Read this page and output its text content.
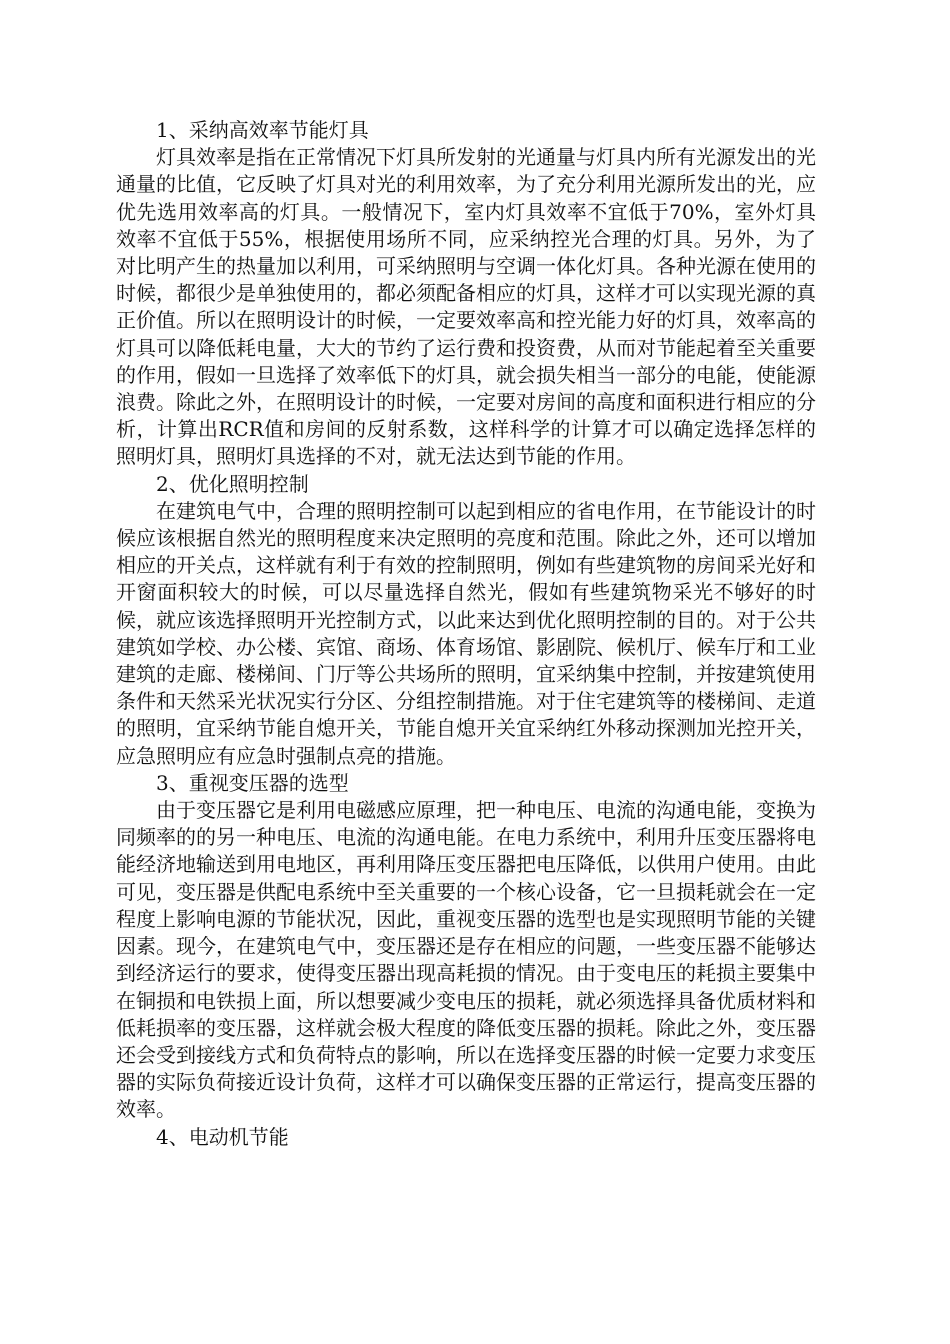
1、采纳高效率节能灯具

灯具效率是指在正常情况下灯具所发射的光通量与灯具内所有光源发出的光通量的比值，它反映了灯具对光的利用效率，为了充分利用光源所发出的光，应优先选用效率高的灯具。一般情况下，室内灯具效率不宜低于70%，室外灯具效率不宜低于55%，根据使用场所不同，应采纳控光合理的灯具。另外，为了对比明产生的热量加以利用，可采纳照明与空调一体化灯具。各种光源在使用的时候，都很少是单独使用的，都必须配备相应的灯具，这样才可以实现光源的真正价值。所以在照明设计的时候，一定要效率高和控光能力好的灯具，效率高的灯具可以降低耗电量，大大的节约了运行费和投资费，从而对节能起着至关重要的作用，假如一旦选择了效率低下的灯具，就会损失相当一部分的电能，使能源浪费。除此之外，在照明设计的时候，一定要对房间的高度和面积进行相应的分析，计算出RCR值和房间的反射系数，这样科学的计算才可以确定选择怎样的照明灯具，照明灯具选择的不对，就无法达到节能的作用。

2、优化照明控制

在建筑电气中，合理的照明控制可以起到相应的省电作用，在节能设计的时候应该根据自然光的照明程度来决定照明的亮度和范围。除此之外，还可以增加相应的开关点，这样就有利于有效的控制照明，例如有些建筑物的房间采光好和开窗面积较大的时候，可以尽量选择自然光，假如有些建筑物采光不够好的时候，就应该选择照明开光控制方式，以此来达到优化照明控制的目的。对于公共建筑如学校、办公楼、宾馆、商场、体育场馆、影剧院、候机厅、候车厅和工业建筑的走廊、楼梯间、门厅等公共场所的照明，宜采纳集中控制，并按建筑使用条件和天然采光状况实行分区、分组控制措施。对于住宅建筑等的楼梯间、走道的照明，宜采纳节能自熄开关，节能自熄开关宜采纳红外移动探测加光控开关，应急照明应有应急时强制点亮的措施。

3、重视变压器的选型

由于变压器它是利用电磁感应原理，把一种电压、电流的沟通电能，变换为同频率的的另一种电压、电流的沟通电能。在电力系统中，利用升压变压器将电能经济地输送到用电地区，再利用降压变压器把电压降低，以供用户使用。由此可见，变压器是供配电系统中至关重要的一个核心设备，它一旦损耗就会在一定程度上影响电源的节能状况，因此，重视变压器的选型也是实现照明节能的关键因素。现今，在建筑电气中，变压器还是存在相应的问题，一些变压器不能够达到经济运行的要求，使得变压器出现高耗损的情况。由于变电压的耗损主要集中在铜损和电铁损上面，所以想要减少变电压的损耗，就必须选择具备优质材料和低耗损率的变压器，这样就会极大程度的降低变压器的损耗。除此之外，变压器还会受到接线方式和负荷特点的影响，所以在选择变压器的时候一定要力求变压器的实际负荷接近设计负荷，这样才可以确保变压器的正常运行，提高变压器的效率。

4、电动机节能
